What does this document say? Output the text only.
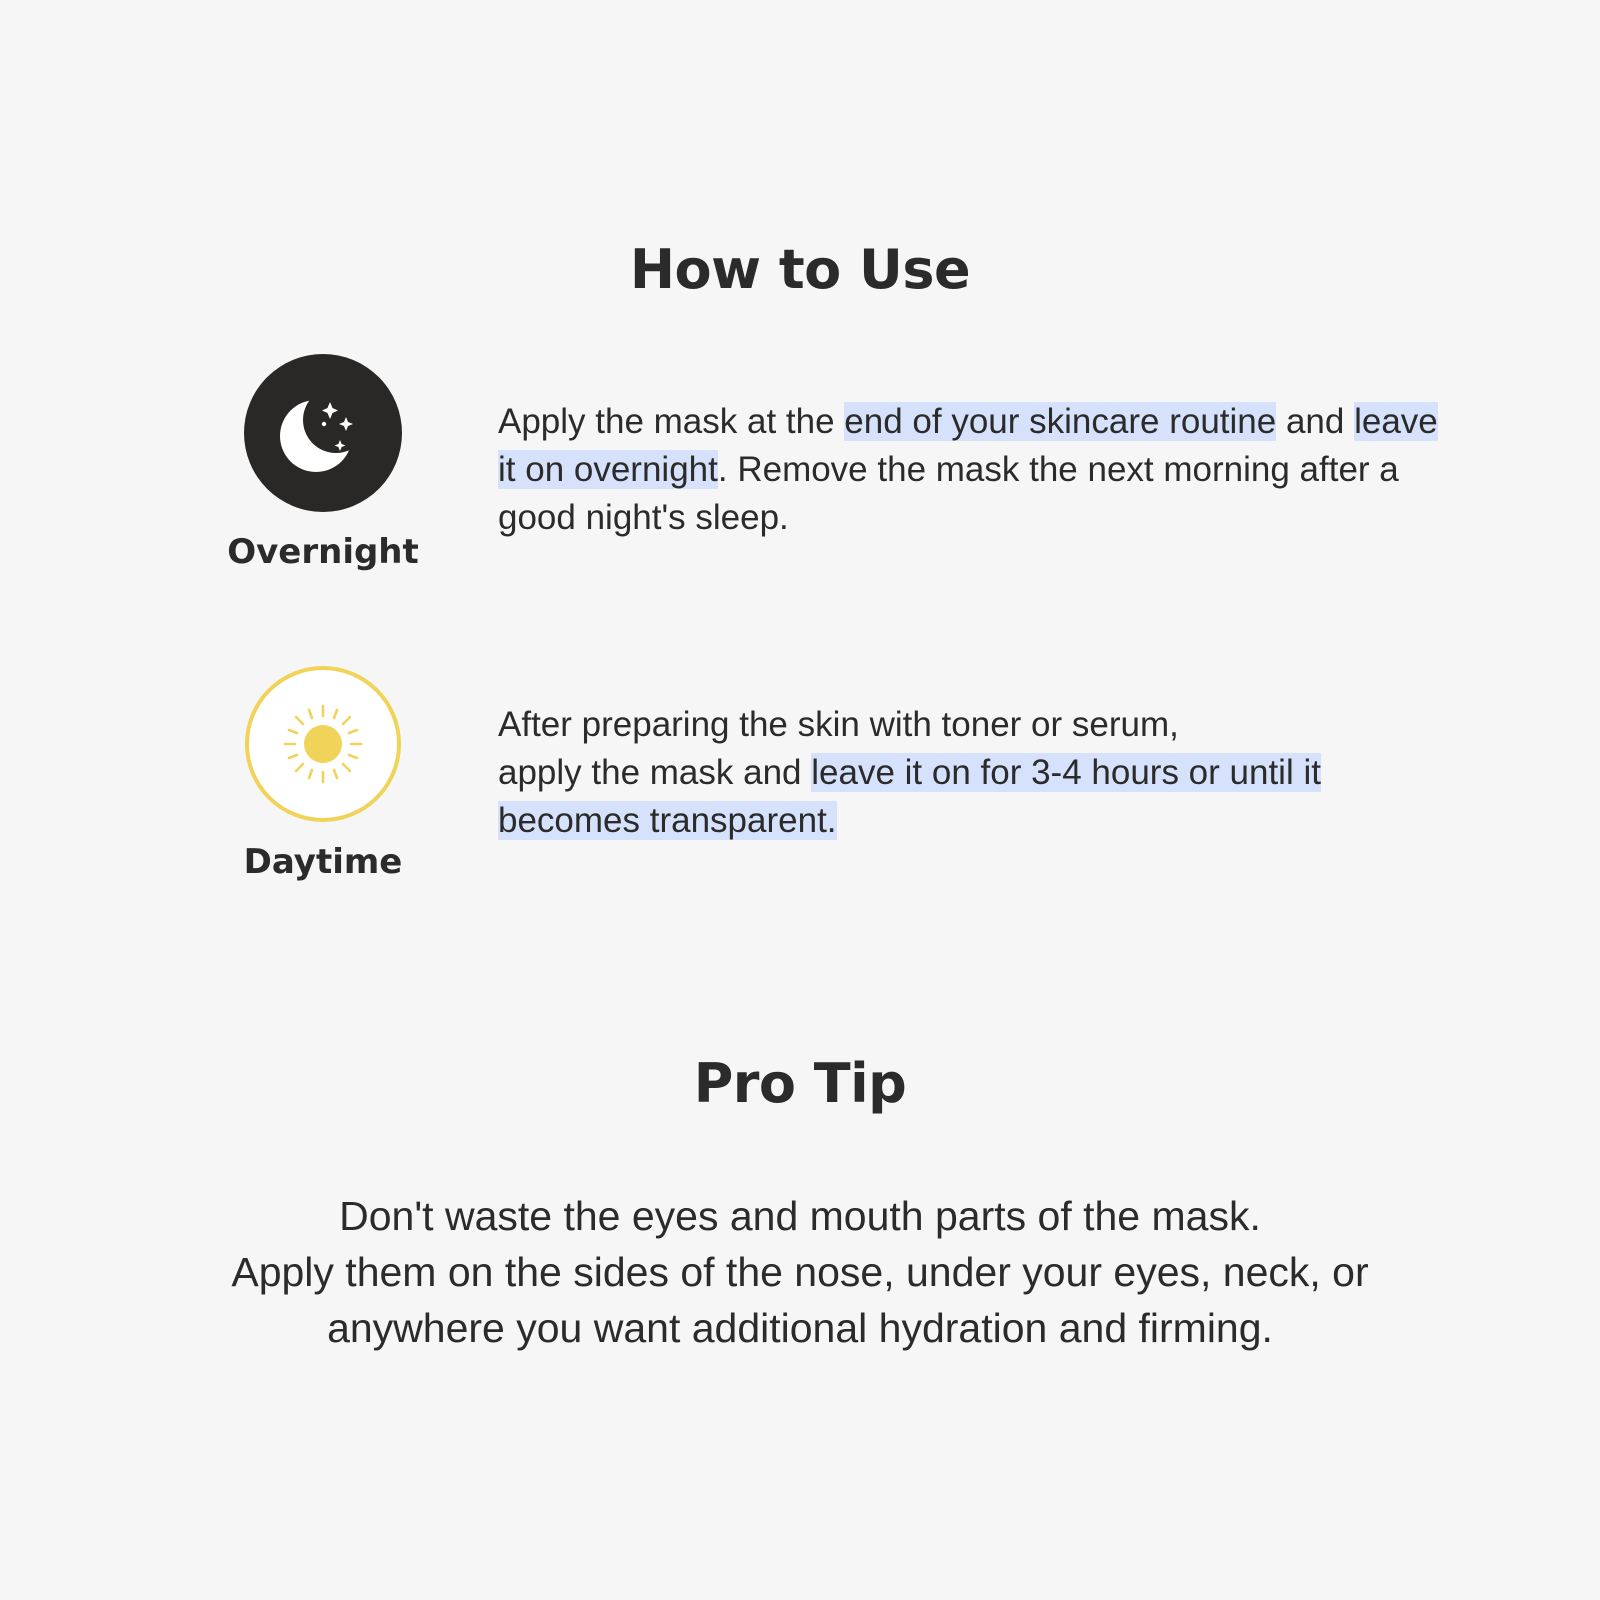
How to Use
Overnight

Apply the mask at the end of your skincare routine and leave it on overnight. Remove the mask the next morning after a good night's sleep.

Daytime

After preparing the skin with toner or serum,
apply the mask and leave it on for 3-4 hours or until it becomes transparent.

Pro Tip

Don't waste the eyes and mouth parts of the mask.
Apply them on the sides of the nose, under your eyes, neck, or
anywhere you want additional hydration and firming.
